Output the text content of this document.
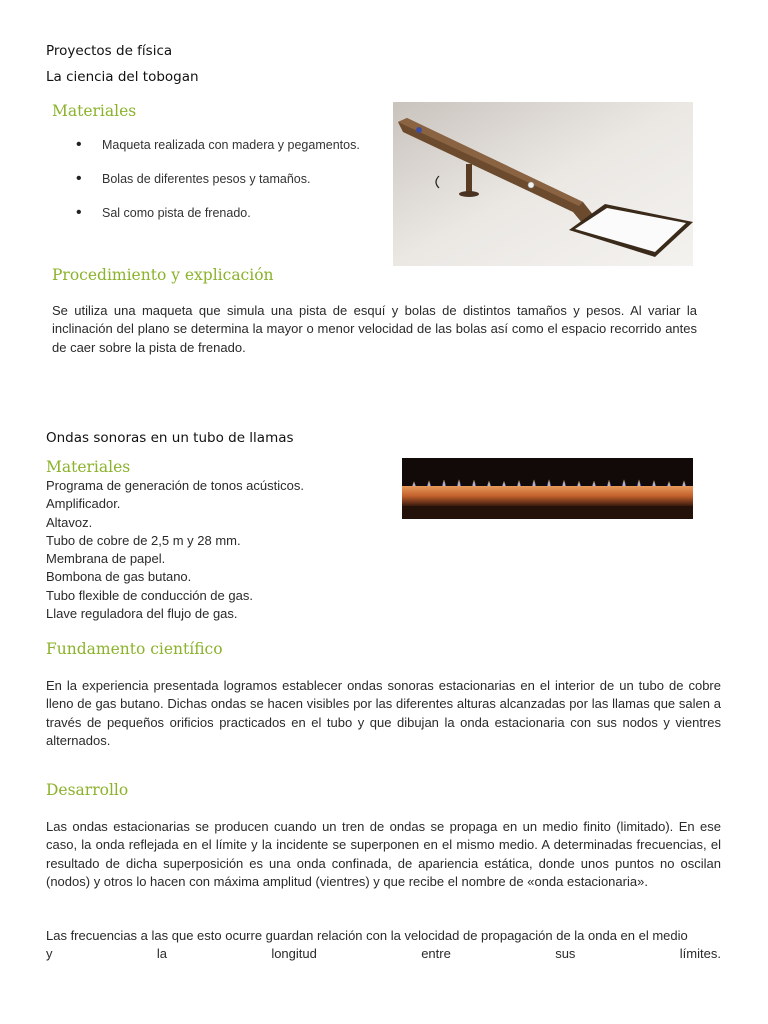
Proyectos de física
La ciencia del tobogan
Materiales
• Maqueta realizada con madera y pegamentos.
• Bolas de diferentes pesos y tamaños.
• Sal como pista de frenado.
Procedimiento y explicación
Se utiliza una maqueta que simula una pista de esquí y bolas de distintos tamaños y pesos. Al variar la inclinación del plano se determina la mayor o menor velocidad de las bolas así como el espacio recorrido antes de caer sobre la pista de frenado.
Ondas sonoras en un tubo de llamas
Materiales
Programa de generación de tonos acústicos.
Amplificador.
Altavoz.
Tubo de cobre de 2,5 m y 28 mm.
Membrana de papel.
Bombona de gas butano.
Tubo flexible de conducción de gas.
Llave reguladora del flujo de gas.
Fundamento científico
En la experiencia presentada logramos establecer ondas sonoras estacionarias en el interior de un tubo de cobre lleno de gas butano. Dichas ondas se hacen visibles por las diferentes alturas alcanzadas por las llamas que salen a través de pequeños orificios practicados en el tubo y que dibujan la onda estacionaria con sus nodos y vientres alternados.
Desarrollo
Las ondas estacionarias se producen cuando un tren de ondas se propaga en un medio finito (limitado). En ese caso, la onda reflejada en el límite y la incidente se superponen en el mismo medio. A determinadas frecuencias, el resultado de dicha superposición es una onda confinada, de apariencia estática, donde unos puntos no oscilan (nodos) y otros lo hacen con máxima amplitud (vientres) y que recibe el nombre de «onda estacionaria».
Las frecuencias a las que esto ocurre guardan relación con la velocidad de propagación de la onda en el medio
y	la	longitud	entre	sus	límites.
